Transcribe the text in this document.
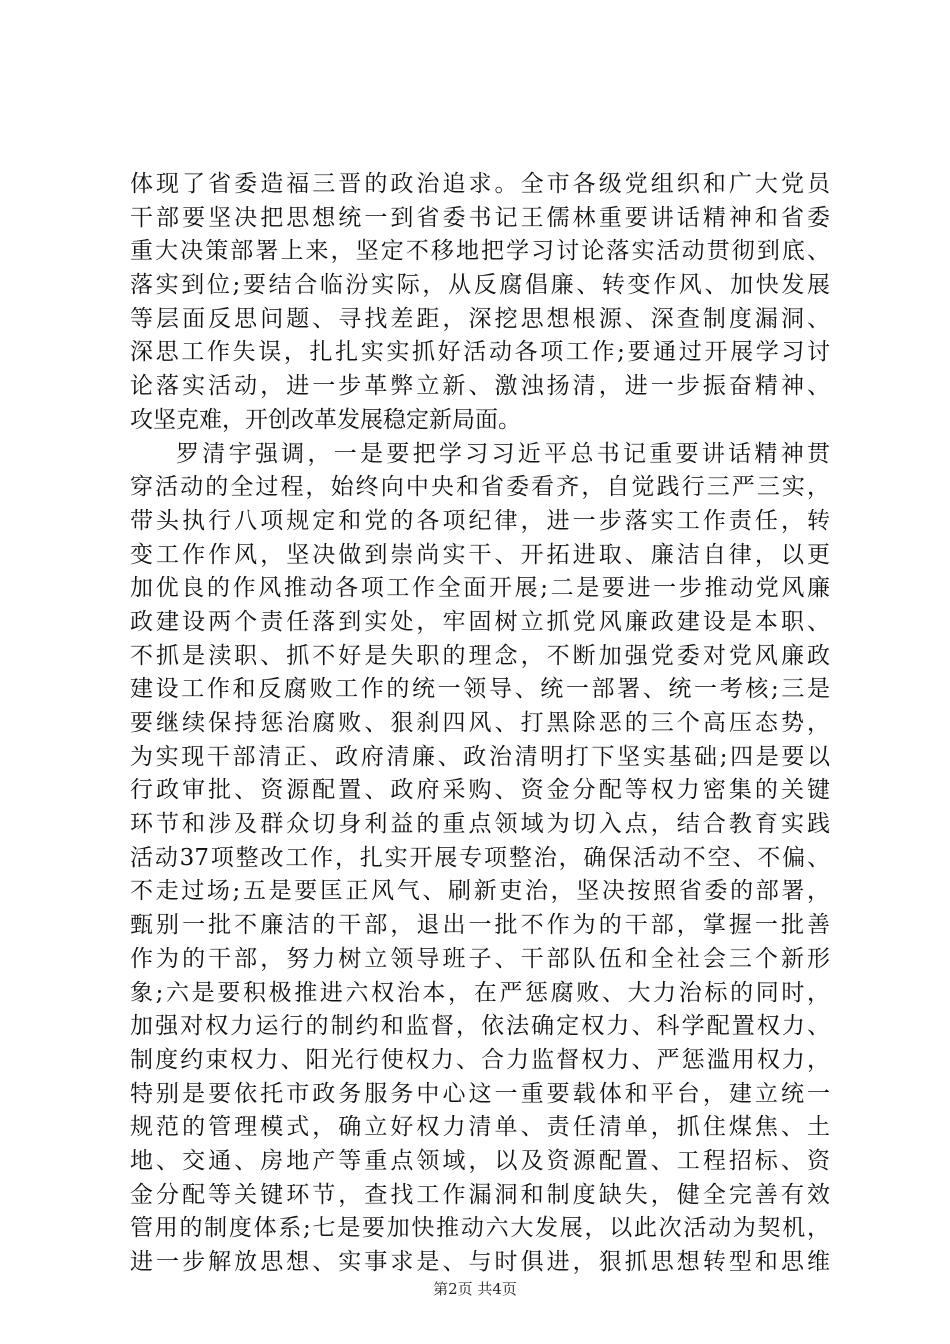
体现了省委造福三晋的政治追求。全市各级党组织和广大党员
干部要坚决把思想统一到省委书记王儒林重要讲话精神和省委
重大决策部署上来，坚定不移地把学习讨论落实活动贯彻到底、
落实到位;要结合临汾实际，从反腐倡廉、转变作风、加快发展
等层面反思问题、寻找差距，深挖思想根源、深查制度漏洞、
深思工作失误，扎扎实实抓好活动各项工作;要通过开展学习讨
论落实活动，进一步革弊立新、激浊扬清，进一步振奋精神、
攻坚克难，开创改革发展稳定新局面。
罗清宇强调，一是要把学习习近平总书记重要讲话精神贯
穿活动的全过程，始终向中央和省委看齐，自觉践行三严三实，
带头执行八项规定和党的各项纪律，进一步落实工作责任，转
变工作作风，坚决做到崇尚实干、开拓进取、廉洁自律，以更
加优良的作风推动各项工作全面开展;二是要进一步推动党风廉
政建设两个责任落到实处，牢固树立抓党风廉政建设是本职、
不抓是渎职、抓不好是失职的理念，不断加强党委对党风廉政
建设工作和反腐败工作的统一领导、统一部署、统一考核;三是
要继续保持惩治腐败、狠刹四风、打黑除恶的三个高压态势，
为实现干部清正、政府清廉、政治清明打下坚实基础;四是要以
行政审批、资源配置、政府采购、资金分配等权力密集的关键
环节和涉及群众切身利益的重点领域为切入点，结合教育实践
活动37项整改工作，扎实开展专项整治，确保活动不空、不偏、
不走过场;五是要匡正风气、刷新吏治，坚决按照省委的部署，
甄别一批不廉洁的干部，退出一批不作为的干部，掌握一批善
作为的干部，努力树立领导班子、干部队伍和全社会三个新形
象;六是要积极推进六权治本，在严惩腐败、大力治标的同时，
加强对权力运行的制约和监督，依法确定权力、科学配置权力、
制度约束权力、阳光行使权力、合力监督权力、严惩滥用权力，
特别是要依托市政务服务中心这一重要载体和平台，建立统一
规范的管理模式，确立好权力清单、责任清单，抓住煤焦、土
地、交通、房地产等重点领域，以及资源配置、工程招标、资
金分配等关键环节，查找工作漏洞和制度缺失，健全完善有效
管用的制度体系;七是要加快推动六大发展，以此次活动为契机，
进一步解放思想、实事求是、与时俱进，狠抓思想转型和思维
第2页 共4页
